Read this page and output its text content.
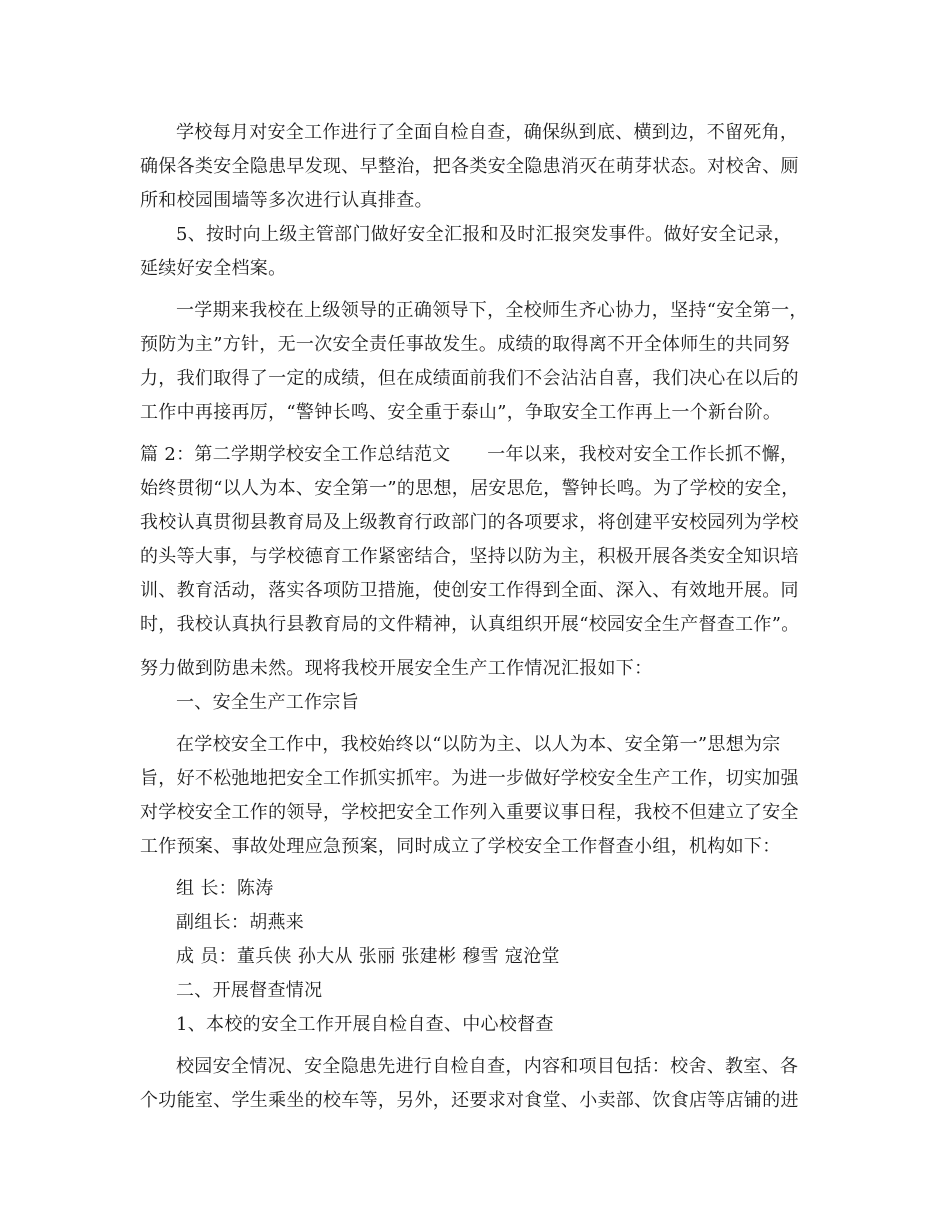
学校每月对安全工作进行了全面自检自查，确保纵到底、横到边，不留死角，
确保各类安全隐患早发现、早整治，把各类安全隐患消灭在萌芽状态。对校舍、厕
所和校园围墙等多次进行认真排查。
5、按时向上级主管部门做好安全汇报和及时汇报突发事件。做好安全记录，
延续好安全档案。
一学期来我校在上级领导的正确领导下，全校师生齐心协力，坚持“安全第一，
预防为主”方针，无一次安全责任事故发生。成绩的取得离不开全体师生的共同努
力，我们取得了一定的成绩，但在成绩面前我们不会沾沾自喜，我们决心在以后的
工作中再接再厉，“警钟长鸣、安全重于泰山”，争取安全工作再上一个新台阶。
篇 2：第二学期学校安全工作总结范文　　一年以来，我校对安全工作长抓不懈，
始终贯彻“以人为本、安全第一”的思想，居安思危，警钟长鸣。为了学校的安全，
我校认真贯彻县教育局及上级教育行政部门的各项要求，将创建平安校园列为学校
的头等大事，与学校德育工作紧密结合，坚持以防为主，积极开展各类安全知识培
训、教育活动，落实各项防卫措施，使创安工作得到全面、深入、有效地开展。同
时，我校认真执行县教育局的文件精神，认真组织开展“校园安全生产督查工作”。
努力做到防患未然。现将我校开展安全生产工作情况汇报如下：
一、安全生产工作宗旨
在学校安全工作中，我校始终以“以防为主、以人为本、安全第一”思想为宗
旨，好不松弛地把安全工作抓实抓牢。为进一步做好学校安全生产工作，切实加强
对学校安全工作的领导，学校把安全工作列入重要议事日程，我校不但建立了安全
工作预案、事故处理应急预案，同时成立了学校安全工作督查小组，机构如下：
组 长：陈涛
副组长：胡燕来
成 员：董兵侠 孙大从 张丽 张建彬 穆雪 寇沧堂
二、开展督查情况
1、本校的安全工作开展自检自查、中心校督查
校园安全情况、安全隐患先进行自检自查，内容和项目包括：校舍、教室、各
个功能室、学生乘坐的校车等，另外，还要求对食堂、小卖部、饮食店等店铺的进
